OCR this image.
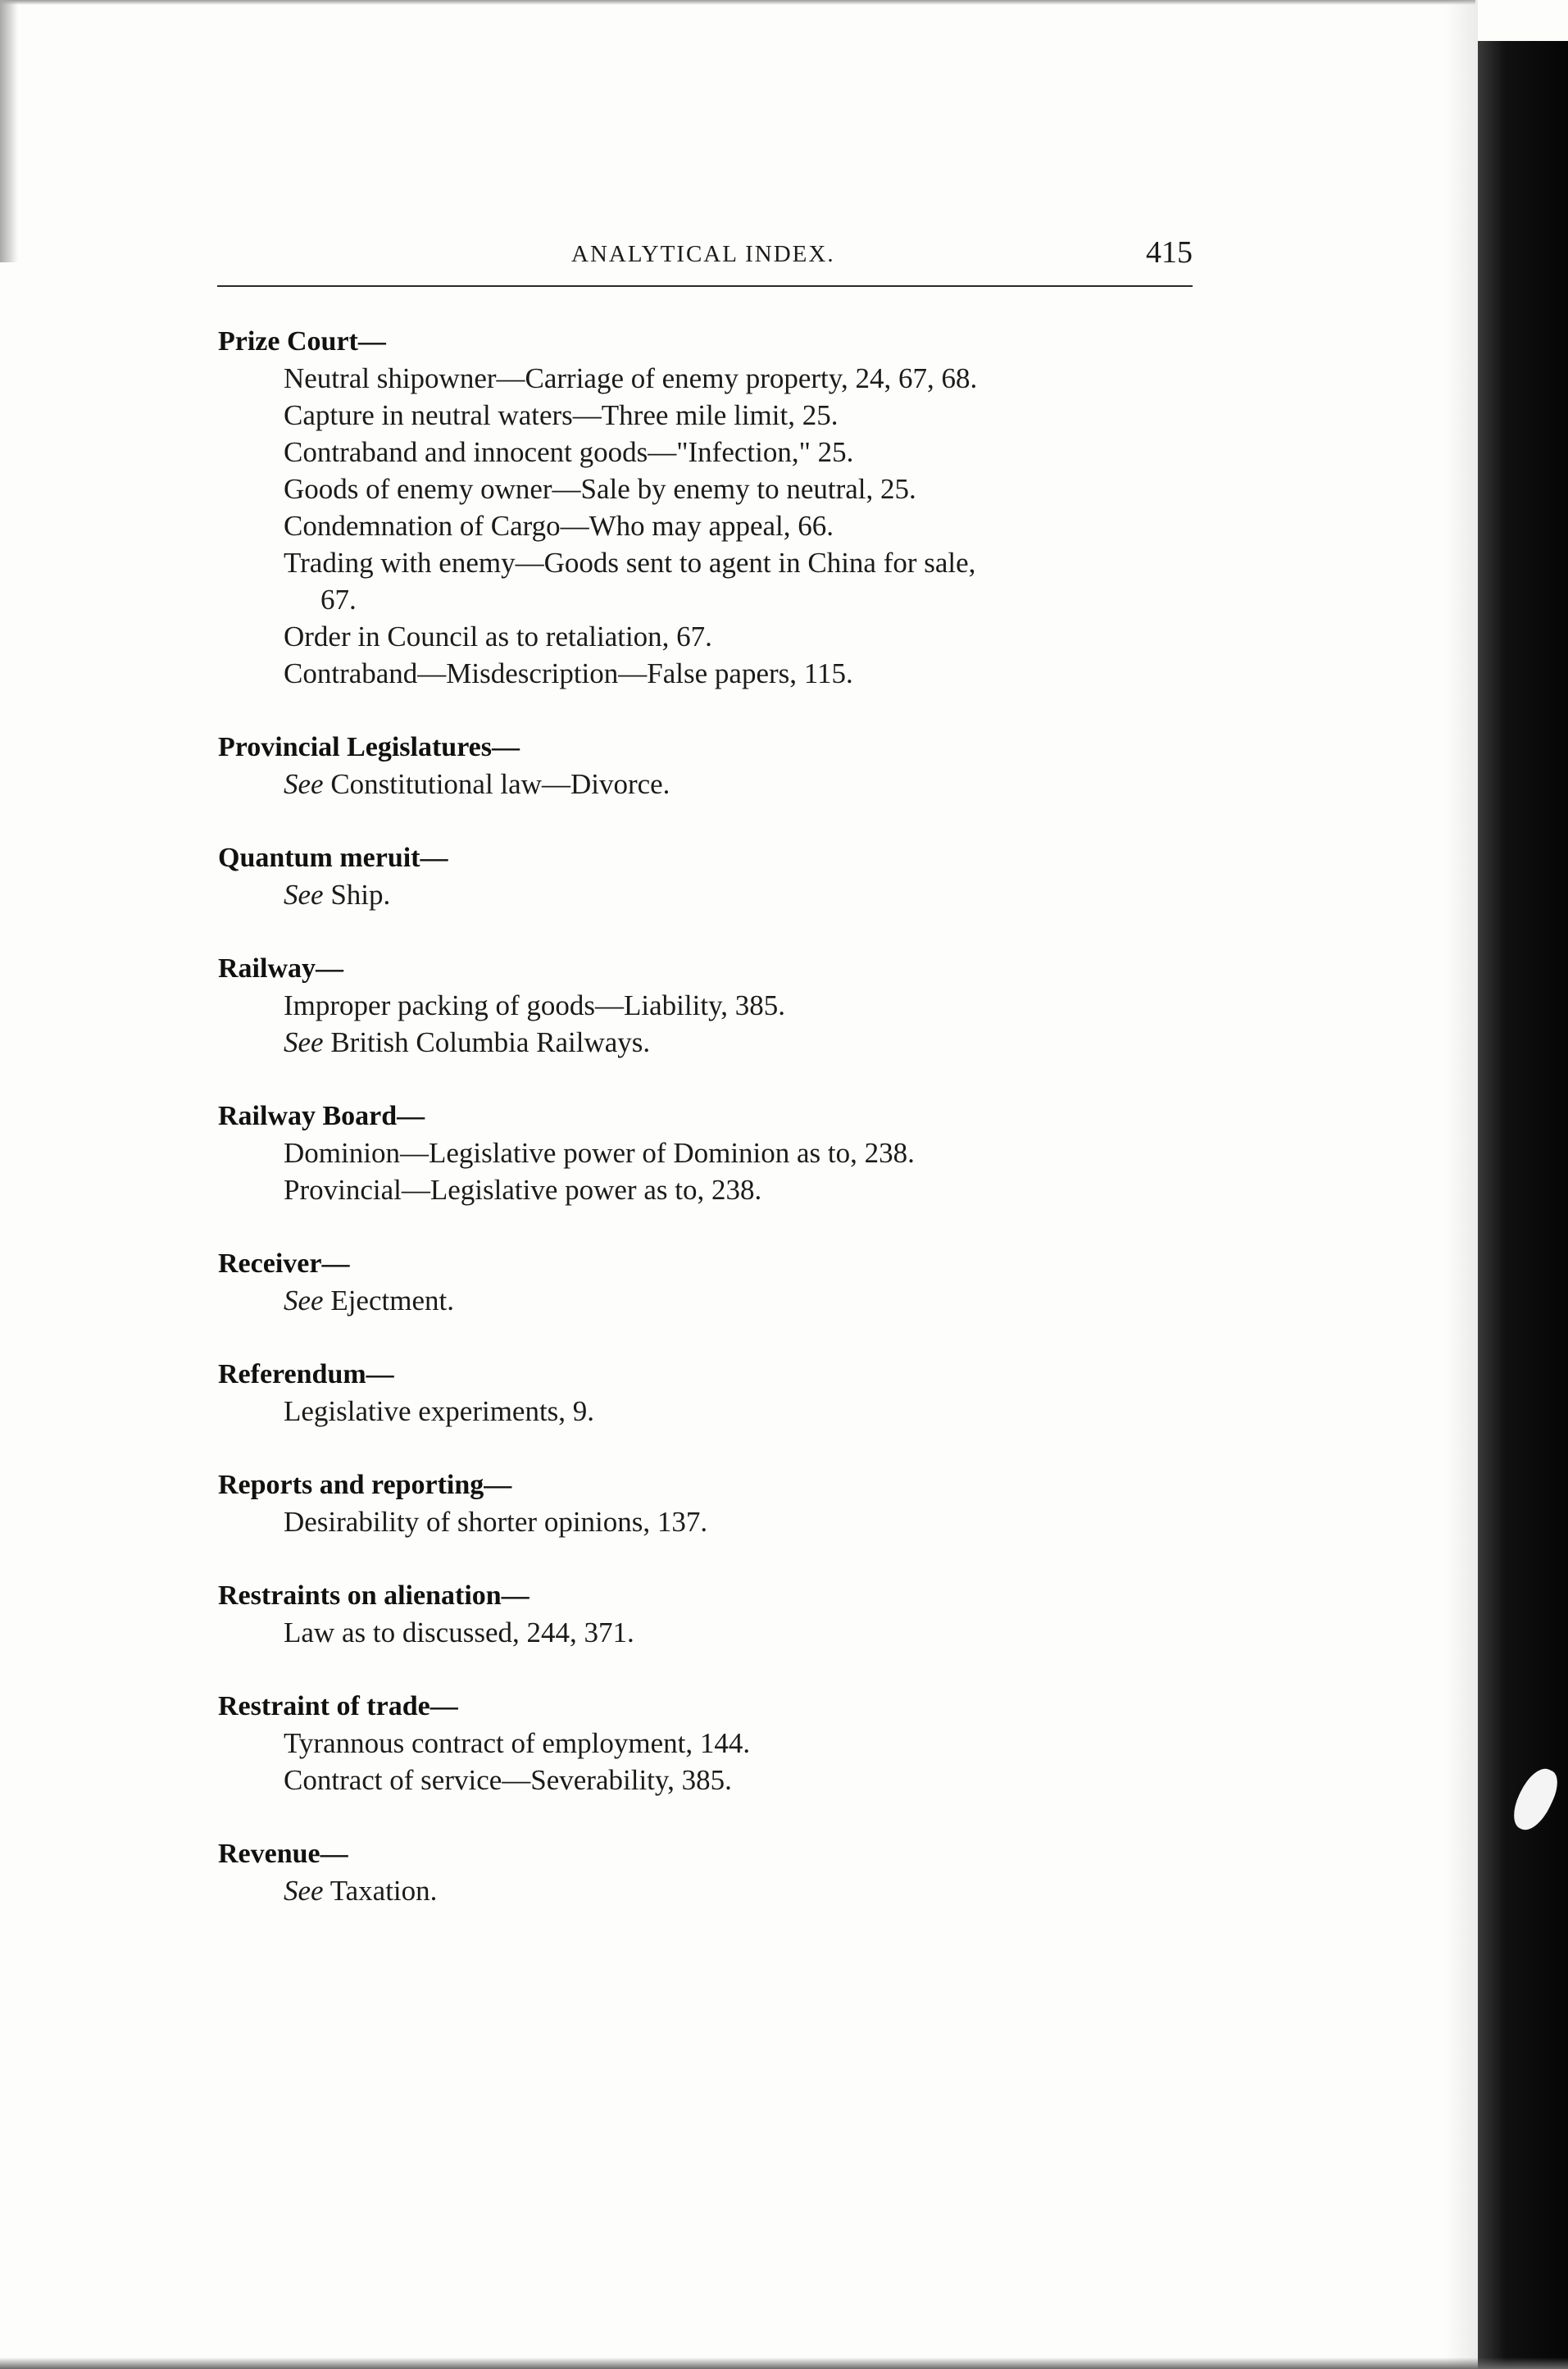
ANALYTICAL INDEX.	415
Prize Court—
Neutral shipowner—Carriage of enemy property, 24, 67, 68.
Capture in neutral waters—Three mile limit, 25.
Contraband and innocent goods—"Infection," 25.
Goods of enemy owner—Sale by enemy to neutral, 25.
Condemnation of Cargo—Who may appeal, 66.
Trading with enemy—Goods sent to agent in China for sale,
67.
Order in Council as to retaliation, 67.
Contraband—Misdescription—False papers, 115.
Provincial Legislatures—
See Constitutional law—Divorce.
Quantum meruit—
See Ship.
Railway—
Improper packing of goods—Liability, 385.
See British Columbia Railways.
Railway Board—
Dominion—Legislative power of Dominion as to, 238.
Provincial—Legislative power as to, 238.
Receiver—
See Ejectment.
Referendum—
Legislative experiments, 9.
Reports and reporting—
Desirability of shorter opinions, 137.
Restraints on alienation—
Law as to discussed, 244, 371.
Restraint of trade—
Tyrannous contract of employment, 144.
Contract of service—Severability, 385.
Revenue—
See Taxation.
